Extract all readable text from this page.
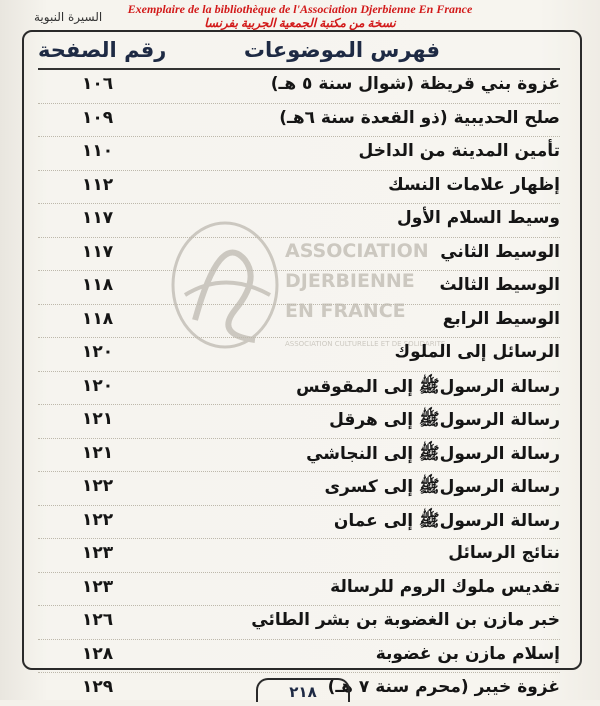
Exemplaire de la bibliothèque de l'Association Djerbienne En France
نسخة من مكتبة الجمعية الجربية بفرنسا
السيرة النبوية
فهرس الموضوعات
رقم الصفحة
ASSOCIATION
DJERBIENNE
EN FRANCE
ASSOCIATION CULTURELLE ET DE SOLIDARITE
غزوة بني قريظة (شوال سنة ٥ هـ)
١٠٦
صلح الحديبية (ذو القعدة سنة ٦هـ)
١٠٩
تأمين المدينة من الداخل
١١٠
إظهار علامات النسك
١١٢
وسيط السلام الأول
١١٧
الوسيط الثاني
١١٧
الوسيط الثالث
١١٨
الوسيط الرابع
١١٨
الرسائل إلى الملوك
١٢٠
رسالة الرسولﷺ إلى المقوقس
١٢٠
رسالة الرسولﷺ إلى هرقل
١٢١
رسالة الرسولﷺ إلى النجاشي
١٢١
رسالة الرسولﷺ إلى كسرى
١٢٢
رسالة الرسولﷺ إلى عمان
١٢٢
نتائج الرسائل
١٢٣
تقديس ملوك الروم للرسالة
١٢٣
خبر مازن بن الغضوبة بن بشر الطائي
١٢٦
إسلام مازن بن غضوبة
١٢٨
غزوة خيبر (محرم سنة ٧ هـ)
١٢٩	٢١٨
